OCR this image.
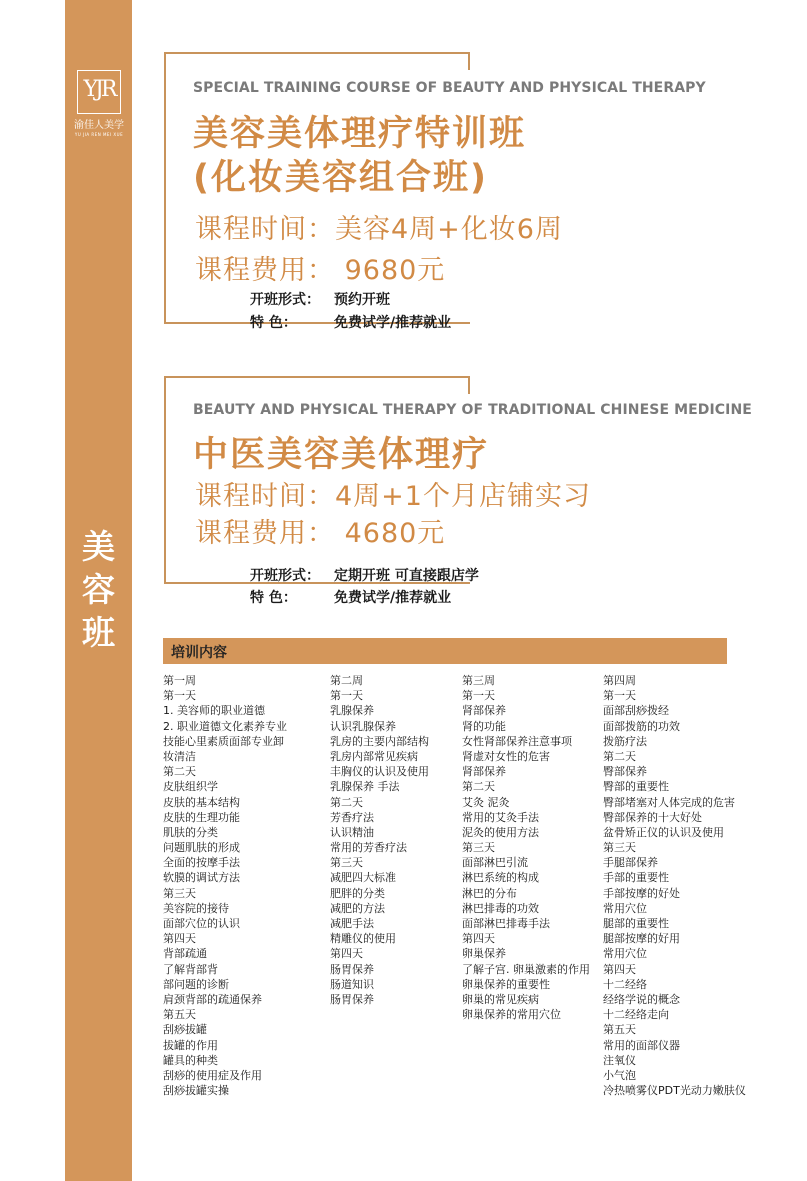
YJR
渝佳人美学
YU JIA REN MEI XUE
美
容
班
SPECIAL TRAINING COURSE OF BEAUTY AND PHYSICAL THERAPY
美容美体理疗特训班
(化妆美容组合班)
课程时间：美容4周+化妆6周
课程费用： 9680元
开班形式： 预约开班
特 色：	免费试学/推荐就业
BEAUTY AND PHYSICAL THERAPY OF TRADITIONAL CHINESE MEDICINE
中医美容美体理疗
课程时间：4周+1个月店铺实习
课程费用： 4680元
开班形式： 定期开班 可直接跟店学
特 色：	免费试学/推荐就业
培训内容
第一周
第一天
1. 美容师的职业道德
2. 职业道德文化素养专业
技能心里素质面部专业卸
妆清洁
第二天
皮肤组织学
皮肤的基本结构
皮肤的生理功能
肌肤的分类
问题肌肤的形成
全面的按摩手法
软膜的调试方法
第三天
美容院的接待
面部穴位的认识
第四天
背部疏通
了解背部背
部问题的诊断
肩颈背部的疏通保养
第五天
刮痧拔罐
拔罐的作用
罐具的种类
刮痧的使用症及作用
刮痧拔罐实操
第二周
第一天
乳腺保养
认识乳腺保养
乳房的主要内部结构
乳房内部常见疾病
丰胸仪的认识及使用
乳腺保养 手法
第二天
芳香疗法
认识精油
常用的芳香疗法
第三天
减肥四大标准
肥胖的分类
减肥的方法
减肥手法
精雕仪的使用
第四天
肠胃保养
肠道知识
肠胃保养
第三周
第一天
肾部保养
肾的功能
女性肾部保养注意事项
肾虚对女性的危害
肾部保养
第二天
艾灸 泥灸
常用的艾灸手法
泥灸的使用方法
第三天
面部淋巴引流
淋巴系统的构成
淋巴的分布
淋巴排毒的功效
面部淋巴排毒手法
第四天
卵巢保养
了解子宫. 卵巢激素的作用
卵巢保养的重要性
卵巢的常见疾病
卵巢保养的常用穴位
第四周
第一天
面部刮痧拨经
面部拨筋的功效
拨筋疗法
第二天
臀部保养
臀部的重要性
臀部堵塞对人体完成的危害
臀部保养的十大好处
盆骨矫正仪的认识及使用
第三天
手腿部保养
手部的重要性
手部按摩的好处
常用穴位
腿部的重要性
腿部按摩的好用
常用穴位
第四天
十二经络
经络学说的概念
十二经络走向
第五天
常用的面部仪器
注氧仪
小气泡
冷热喷雾仪PDT光动力嫩肤仪
